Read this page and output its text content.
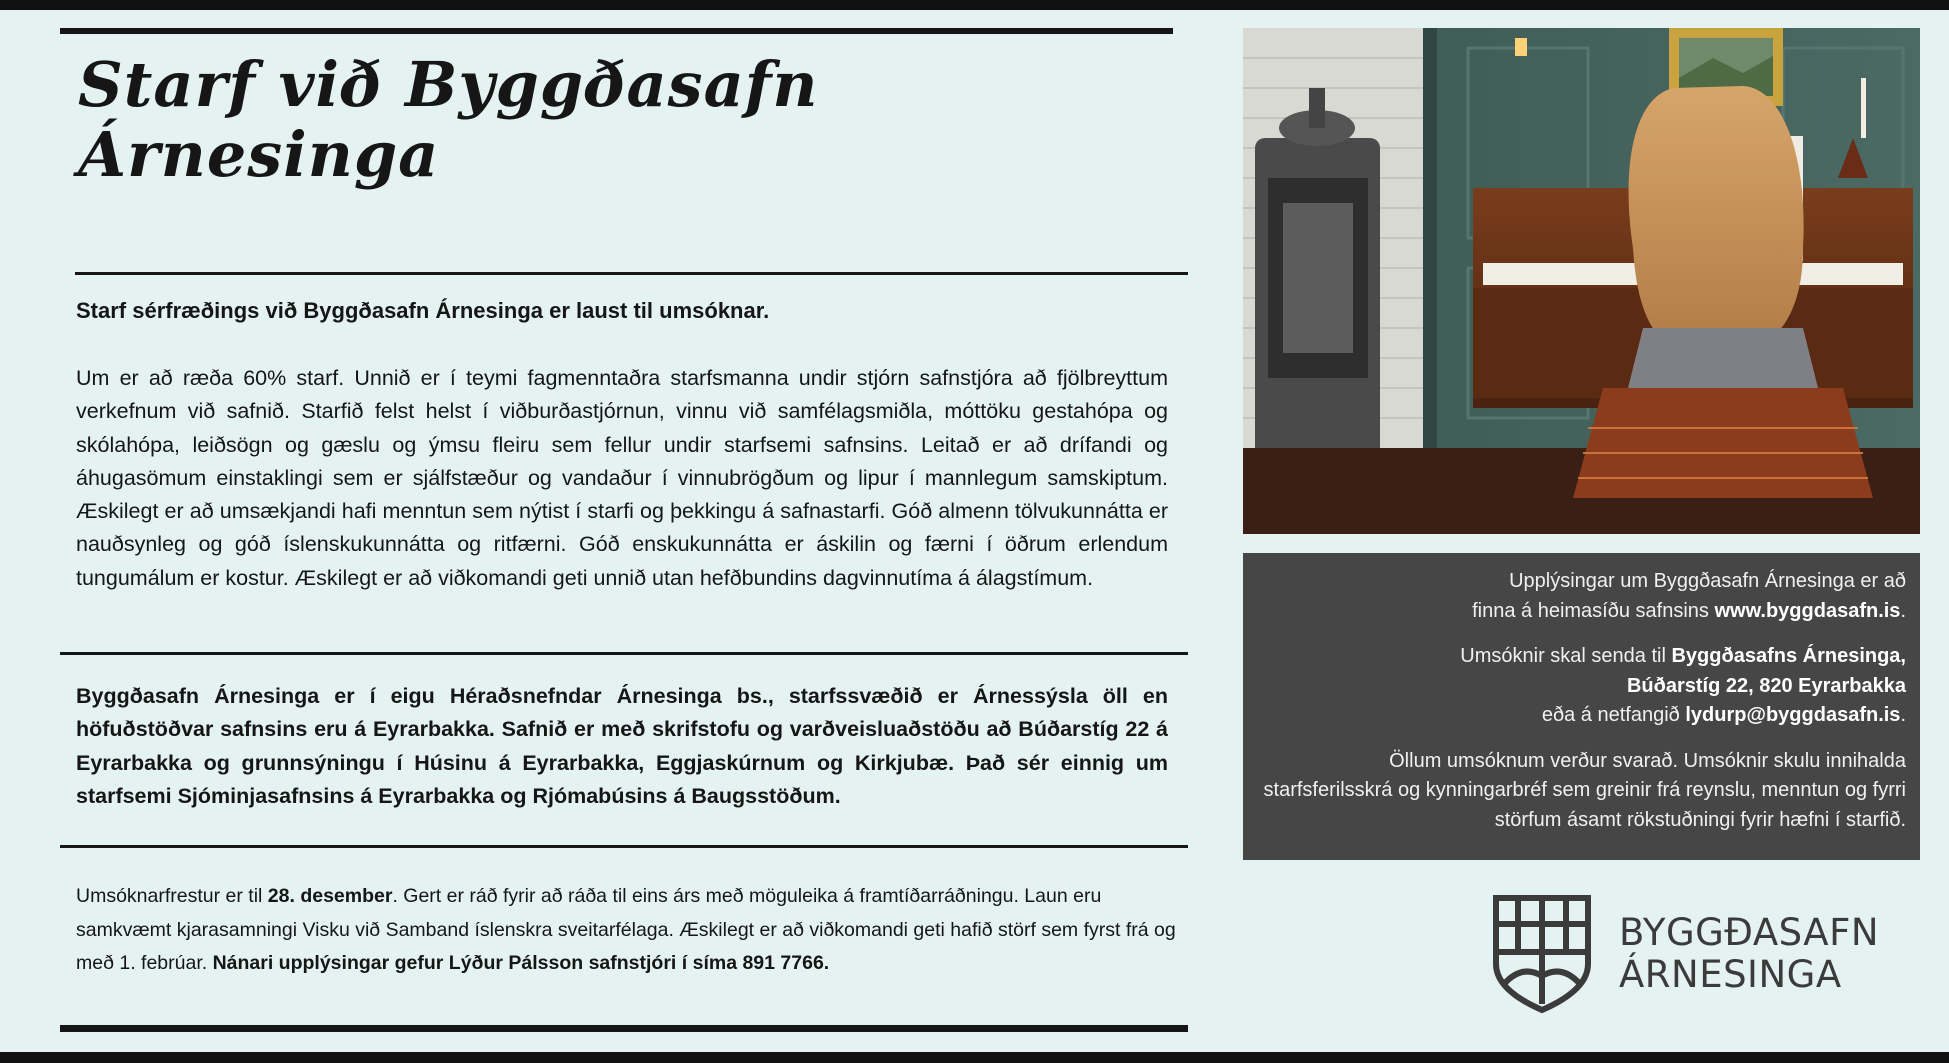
Starf við Byggðasafn
Árnesinga

Starf sérfræðings við Byggðasafn Árnesinga er laust til umsóknar.

Um er að ræða 60% starf. Unnið er í teymi fagmenntaðra starfsmanna undir stjórn safnstjóra að fjölbreyttum verkefnum við safnið. Starfið felst helst í viðburðastjórnun, vinnu við samfélagsmiðla, móttöku gestahópa og skólahópa, leiðsögn og gæslu og ýmsu fleiru sem fellur undir starfsemi safnsins. Leitað er að drífandi og áhugasömum einstaklingi sem er sjálfstæður og vandaður í vinnubrögðum og lipur í mannlegum samskiptum. Æskilegt er að umsækjandi hafi menntun sem nýtist í starfi og þekkingu á safnastarfi. Góð almenn tölvukunnátta er nauðsynleg og góð íslenskukunnátta og ritfærni. Góð enskukunnátta er áskilin og færni í öðrum erlendum tungumálum er kostur. Æskilegt er að viðkomandi geti unnið utan hefðbundins dagvinnutíma á álagstímum.

Byggðasafn Árnesinga er í eigu Héraðsnefndar Árnesinga bs., starfssvæðið er Árnessýsla öll en höfuðstöðvar safnsins eru á Eyrarbakka. Safnið er með skrifstofu og varðveisluaðstöðu að Búðarstíg 22 á Eyrarbakka og grunnsýningu í Húsinu á Eyrarbakka, Eggjaskúrnum og Kirkjubæ. Það sér einnig um starfsemi Sjóminjasafnsins á Eyrarbakka og Rjómabúsins á Baugsstöðum.

Umsóknarfrestur er til 28. desember. Gert er ráð fyrir að ráða til eins árs með möguleika á framtíðarráðningu. Laun eru samkvæmt kjarasamningi Visku við Samband íslenskra sveitarfélaga. Æskilegt er að viðkomandi geti hafið störf sem fyrst frá og með 1. febrúar. Nánari upplýsingar gefur Lýður Pálsson safnstjóri í síma 891 7766.

Upplýsingar um Byggðasafn Árnesinga er að
finna á heimasíðu safnsins www.byggdasafn.is.

Umsóknir skal senda til Byggðasafns Árnesinga,
Búðarstíg 22, 820 Eyrarbakka
eða á netfangið lydurp@byggdasafn.is.

Öllum umsóknum verður svarað. Umsóknir skulu innihalda starfsferilsskrá og kynningarbréf sem greinir frá reynslu, menntun og fyrri störfum ásamt rökstuðningi fyrir hæfni í starfið.

BYGGÐASAFN
ÁRNESINGA
